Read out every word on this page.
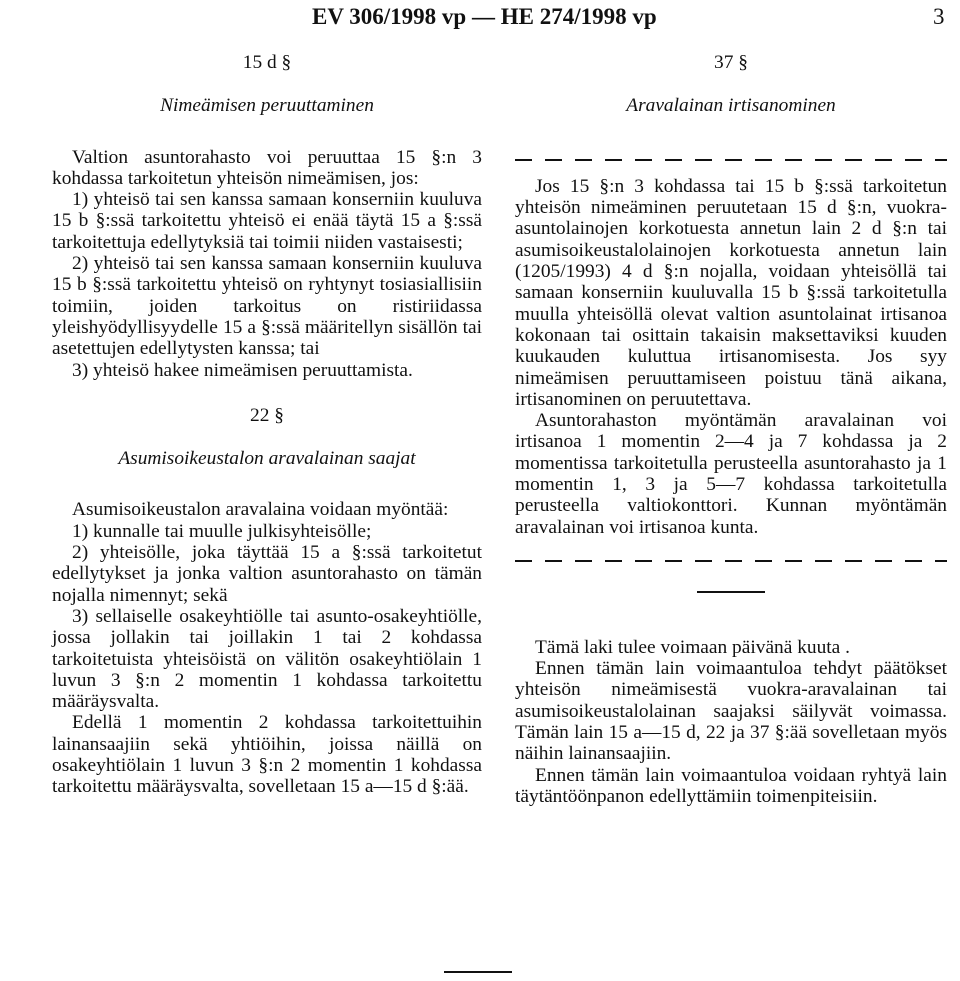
EV 306/1998 vp — HE 274/1998 vp	3

15 d §

Nimeämisen peruuttaminen

Valtion asuntorahasto voi peruuttaa 15 §:n 3 kohdassa tarkoitetun yhteisön nimeämisen, jos:

1) yhteisö tai sen kanssa samaan konserniin kuuluva 15 b §:ssä tarkoitettu yhteisö ei enää täytä 15 a §:ssä tarkoitettuja edellytyksiä tai toimii niiden vastaisesti;

2) yhteisö tai sen kanssa samaan konserniin kuuluva 15 b §:ssä tarkoitettu yhteisö on ryhtynyt tosiasiallisiin toimiin, joiden tarkoitus on ristiriidassa yleishyödyllisyydelle 15 a §:ssä määritellyn sisällön tai asetettujen edellytysten kanssa; tai

3) yhteisö hakee nimeämisen peruuttamista.

22 §

Asumisoikeustalon aravalainan saajat

Asumisoikeustalon aravalaina voidaan myöntää:

1) kunnalle tai muulle julkisyhteisölle;

2) yhteisölle, joka täyttää 15 a §:ssä tarkoitetut edellytykset ja jonka valtion asuntorahasto on tämän nojalla nimennyt; sekä

3) sellaiselle osakeyhtiölle tai asunto-osakeyhtiölle, jossa jollakin tai joillakin 1 tai 2 kohdassa tarkoitetuista yhteisöistä on välitön osakeyhtiölain 1 luvun 3 §:n 2 momentin 1 kohdassa tarkoitettu määräysvalta.

Edellä 1 momentin 2 kohdassa tarkoitettuihin lainansaajiin sekä yhtiöihin, joissa näillä on osakeyhtiölain 1 luvun 3 §:n 2 momentin 1 kohdassa tarkoitettu määräysvalta, sovelletaan 15 a—15 d §:ää.

37 §

Aravalainan irtisanominen

Jos 15 §:n 3 kohdassa tai 15 b §:ssä tarkoitetun yhteisön nimeäminen peruutetaan 15 d §:n, vuokra-asuntolainojen korkotuesta annetun lain 2 d §:n tai asumisoikeustalolainojen korkotuesta annetun lain (1205/1993) 4 d §:n nojalla, voidaan yhteisöllä tai samaan konserniin kuuluvalla 15 b §:ssä tarkoitetulla muulla yhteisöllä olevat valtion asuntolainat irtisanoa kokonaan tai osittain takaisin maksettaviksi kuuden kuukauden kuluttua irtisanomisesta. Jos syy nimeämisen peruuttamiseen poistuu tänä aikana, irtisanominen on peruutettava.

Asuntorahaston myöntämän aravalainan voi irtisanoa 1 momentin 2—4 ja 7 kohdassa ja 2 momentissa tarkoitetulla perusteella asuntorahasto ja 1 momentin 1, 3 ja 5—7 kohdassa tarkoitetulla perusteella valtiokonttori. Kunnan myöntämän aravalainan voi irtisanoa kunta.

Tämä laki tulee voimaan päivänä kuuta .

Ennen tämän lain voimaantuloa tehdyt päätökset yhteisön nimeämisestä vuokra-aravalainan tai asumisoikeustalolainan saajaksi säilyvät voimassa. Tämän lain 15 a—15 d, 22 ja 37 §:ää sovelletaan myös näihin lainansaajiin.

Ennen tämän lain voimaantuloa voidaan ryhtyä lain täytäntöönpanon edellyttämiin toimenpiteisiin.
